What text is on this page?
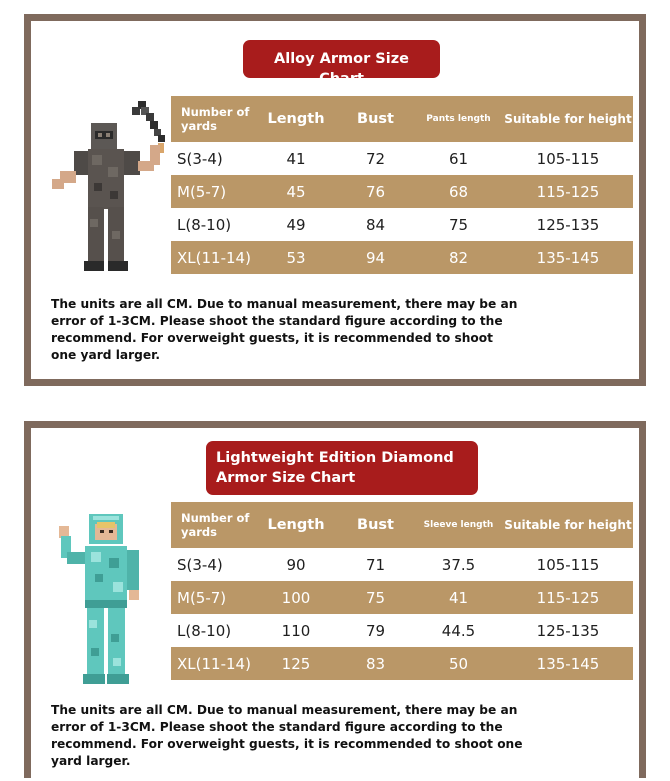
Alloy Armor Size Chart
Number of yards	Length	Bust	Pants length	Suitable for height
S(3-4)	41	72	61	105-115
M(5-7)	45	76	68	115-125
L(8-10)	49	84	75	125-135
XL(11-14)	53	94	82	135-145
The units are all CM. Due to manual measurement, there may be an error of 1-3CM. Please shoot the standard figure according to the recommend. For overweight guests, it is recommended to shoot one yard larger.
Lightweight Edition Diamond Armor Size Chart
Number of yards	Length	Bust	Sleeve length	Suitable for height
S(3-4)	90	71	37.5	105-115
M(5-7)	100	75	41	115-125
L(8-10)	110	79	44.5	125-135
XL(11-14)	125	83	50	135-145
The units are all CM. Due to manual measurement, there may be an error of 1-3CM. Please shoot the standard figure according to the recommend. For overweight guests, it is recommended to shoot one yard larger.
